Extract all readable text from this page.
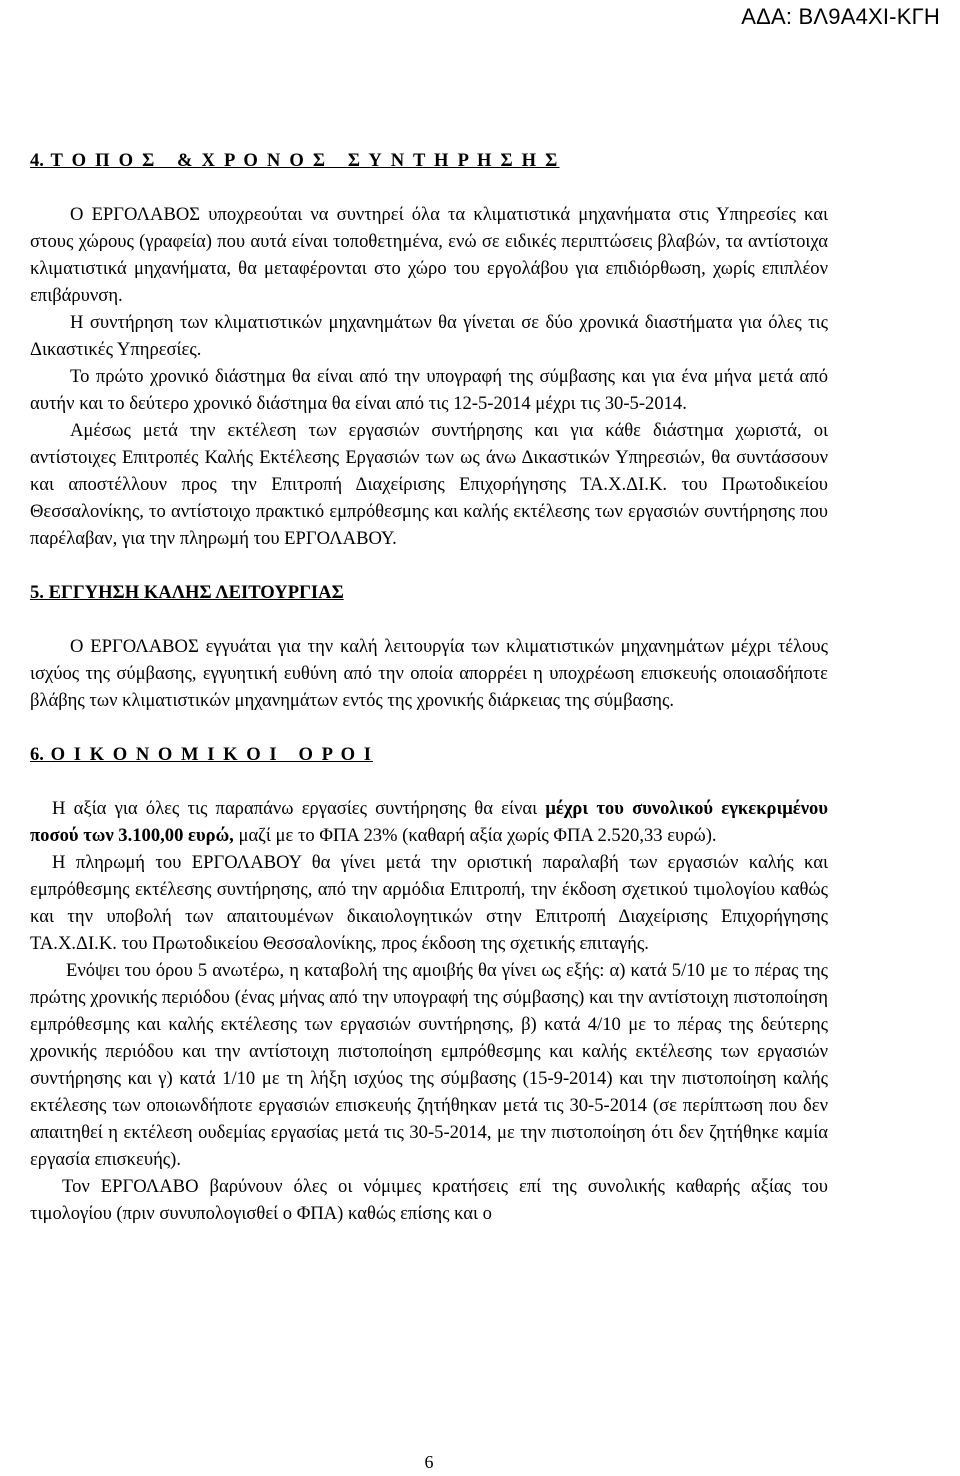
ΑΔΑ: ΒΛ9Α4ΧΙ-ΚΓΗ
4. Τ Ο Π Ο Σ   & Χ Ρ Ο Ν Ο Σ   Σ Υ Ν Τ Η Ρ Η Σ Η Σ

Ο ΕΡΓΟΛΑΒΟΣ υποχρεούται να συντηρεί όλα τα κλιματιστικά μηχανήματα στις Υπηρεσίες και στους χώρους (γραφεία) που αυτά είναι τοποθετημένα, ενώ σε ειδικές περιπτώσεις βλαβών, τα αντίστοιχα κλιματιστικά μηχανήματα, θα μεταφέρονται στο χώρο του εργολάβου για επιδιόρθωση, χωρίς επιπλέον επιβάρυνση.

Η συντήρηση των κλιματιστικών μηχανημάτων θα γίνεται σε δύο χρονικά διαστήματα για όλες τις Δικαστικές Υπηρεσίες.

Το πρώτο χρονικό διάστημα θα είναι από την υπογραφή της σύμβασης και για ένα μήνα μετά από αυτήν και το δεύτερο χρονικό διάστημα θα είναι από τις 12-5-2014 μέχρι τις 30-5-2014.

Αμέσως μετά την εκτέλεση των εργασιών συντήρησης και για κάθε διάστημα χωριστά, οι αντίστοιχες Επιτροπές Καλής Εκτέλεσης Εργασιών των ως άνω Δικαστικών Υπηρεσιών, θα συντάσσουν και αποστέλλουν προς την Επιτροπή Διαχείρισης Επιχορήγησης ΤΑ.Χ.ΔΙ.Κ. του Πρωτοδικείου Θεσσαλονίκης, το αντίστοιχο πρακτικό εμπρόθεσμης και καλής εκτέλεσης των εργασιών συντήρησης που παρέλαβαν, για την πληρωμή του ΕΡΓΟΛΑΒΟΥ.

5. ΕΓΓΥΗΣΗ ΚΑΛΗΣ ΛΕΙΤΟΥΡΓΙΑΣ

Ο ΕΡΓΟΛΑΒΟΣ εγγυάται για την καλή λειτουργία των κλιματιστικών μηχανημάτων μέχρι τέλους ισχύος της σύμβασης, εγγυητική ευθύνη από την οποία απορρέει η υποχρέωση επισκευής οποιασδήποτε βλάβης των κλιματιστικών μηχανημάτων εντός της χρονικής διάρκειας της σύμβασης.

6. Ο Ι Κ Ο Ν Ο Μ Ι Κ Ο Ι   Ο Ρ Ο Ι

Η αξία για όλες τις παραπάνω εργασίες συντήρησης θα είναι μέχρι του συνολικού εγκεκριμένου ποσού των 3.100,00 ευρώ, μαζί με το ΦΠΑ 23% (καθαρή αξία χωρίς ΦΠΑ 2.520,33 ευρώ).

Η πληρωμή του ΕΡΓΟΛΑΒΟΥ θα γίνει μετά την οριστική παραλαβή των εργασιών καλής και εμπρόθεσμης εκτέλεσης συντήρησης, από την αρμόδια Επιτροπή, την έκδοση σχετικού τιμολογίου καθώς και την υποβολή των απαιτουμένων δικαιολογητικών στην Επιτροπή Διαχείρισης Επιχορήγησης ΤΑ.Χ.ΔΙ.Κ. του Πρωτοδικείου Θεσσαλονίκης, προς έκδοση της σχετικής επιταγής.

Ενόψει του όρου 5 ανωτέρω, η καταβολή της αμοιβής θα γίνει ως εξής: α) κατά 5/10 με το πέρας της πρώτης χρονικής περιόδου (ένας μήνας από την υπογραφή της σύμβασης) και την αντίστοιχη πιστοποίηση εμπρόθεσμης και καλής εκτέλεσης των εργασιών συντήρησης, β) κατά 4/10 με το πέρας της δεύτερης χρονικής περιόδου και την αντίστοιχη πιστοποίηση εμπρόθεσμης και καλής εκτέλεσης των εργασιών συντήρησης και γ) κατά 1/10 με τη λήξη ισχύος της σύμβασης (15-9-2014) και την πιστοποίηση καλής εκτέλεσης των οποιωνδήποτε εργασιών επισκευής ζητήθηκαν μετά τις 30-5-2014 (σε περίπτωση που δεν απαιτηθεί η εκτέλεση ουδεμίας εργασίας μετά τις 30-5-2014, με την πιστοποίηση ότι δεν ζητήθηκε καμία εργασία επισκευής).

Τον ΕΡΓΟΛΑΒΟ βαρύνουν όλες οι νόμιμες κρατήσεις επί της συνολικής καθαρής αξίας του τιμολογίου (πριν συνυπολογισθεί ο ΦΠΑ) καθώς επίσης και ο

6
